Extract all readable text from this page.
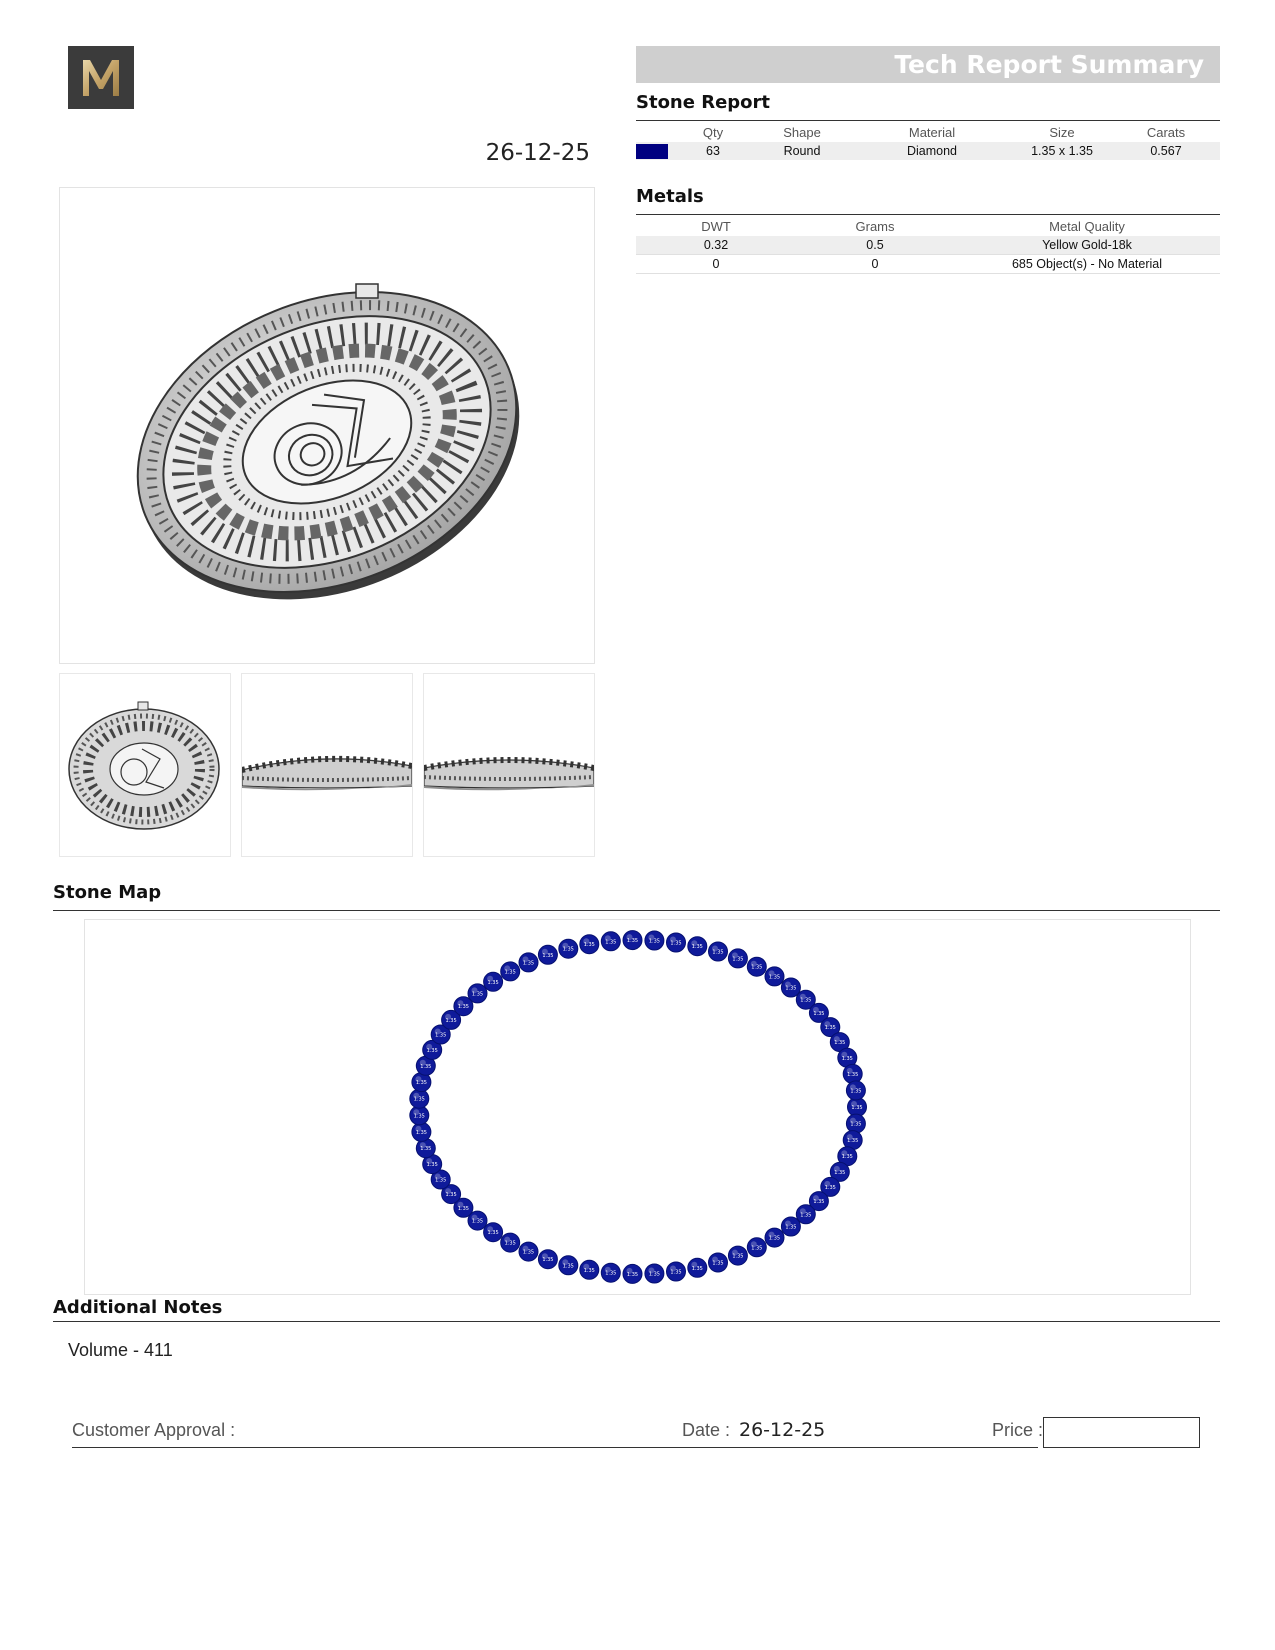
26-12-25
Tech Report Summary
Stone Report
	Qty	Shape	Material	Size	Carats
	63	Round	Diamond	1.35 x 1.35	0.567
Metals
DWT	Grams	Metal Quality
0.32	0.5	Yellow Gold-18k
0	0	685 Object(s) - No Material
Stone Map
1.35
1.35
1.35
1.35
1.35
1.35
1.35
1.35
1.35
1.35
1.35
1.35
1.35
1.35
1.35
1.35
1.35
1.35
1.35
1.35
1.35
1.35
1.35
1.35
1.35
1.35
1.35
1.35
1.35
1.35
1.35
1.35
1.35
1.35
1.35
1.35
1.35
1.35
1.35
1.35
1.35
1.35
1.35
1.35
1.35
1.35 1.35 1.35 1.35 1.35
1.35
1.35
1.35
1.35
1.35
1.35
1.35
1.35
1.35
1.35
1.35
1.35
1.35
Additional Notes
Volume - 411
Customer Approval :	Date : 26-12-25	Price :
